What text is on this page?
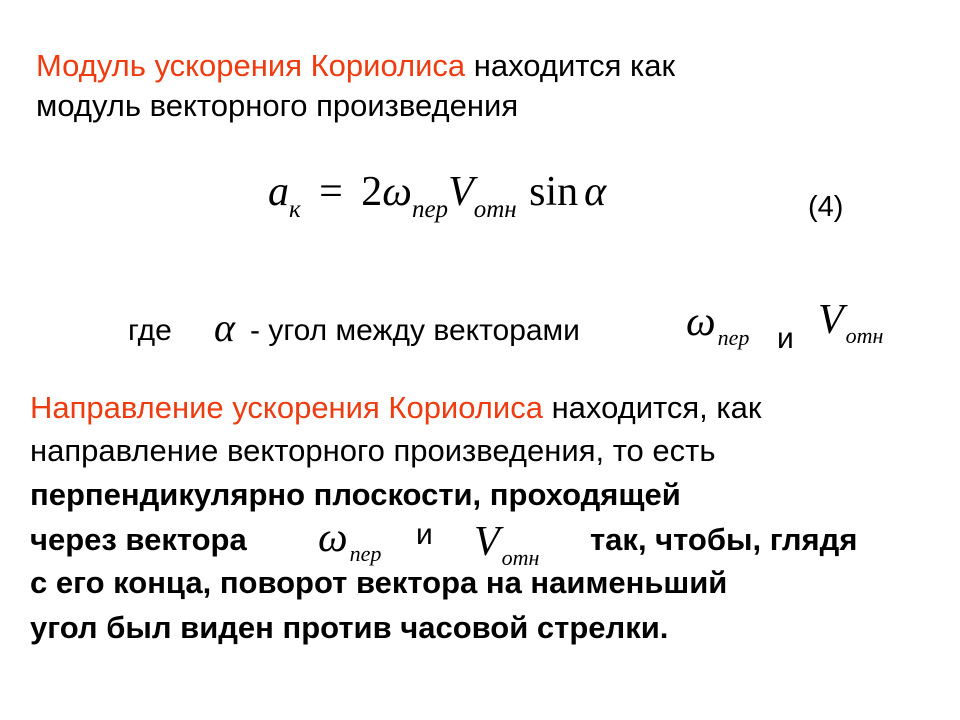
Модуль ускорения Кориолиса находится как
модуль векторного произведения
aк = 2ωперVотн sin α	(4)
где α - угол между векторами	ωпер и Vотн
Направление ускорения Кориолиса находится, как
направление векторного произведения, то есть
перпендикулярно плоскости, проходящей
через вектора ωпер
и Vотн
так, чтобы, глядя
с его конца, поворот вектора на наименьший
угол был виден против часовой стрелки.
